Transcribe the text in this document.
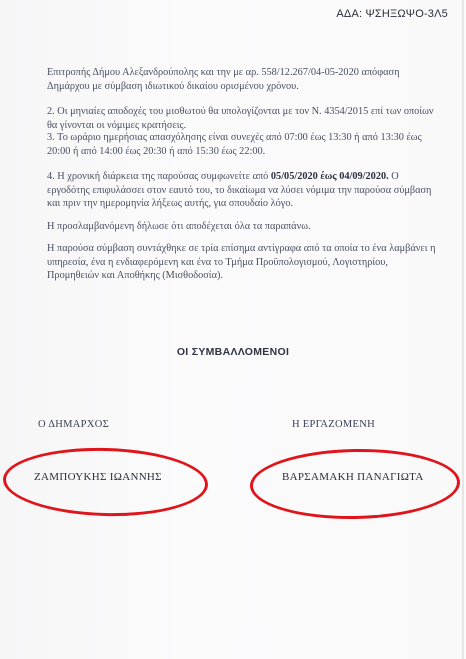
ΑΔΑ: ΨΣΗΞΩΨΟ-3Λ5
Επιτροπής Δήμου Αλεξανδρούπολης και την με αρ. 558/12.267/04-05-2020 απόφαση Δημάρχου με σύμβαση ιδιωτικού δικαίου ορισμένου χρόνου.
2. Οι μηνιαίες αποδοχές του μισθωτού θα υπολογίζονται με τον Ν. 4354/2015 επί των οποίων θα γίνονται οι νόμιμες κρατήσεις.
3. Το ωράριο ημερήσιας απασχόλησης είναι συνεχές από 07:00 έως 13:30 ή από 13:30 έως 20:00 ή από 14:00 έως 20:30 ή από 15:30 έως 22:00.
4. Η χρονική διάρκεια της παρούσας συμφωνείτε από 05/05/2020 έως 04/09/2020. Ο εργοδότης επιφυλάσσει στον εαυτό του, το δικαίωμα να λύσει νόμιμα την παρούσα σύμβαση και πριν την ημερομηνία λήξεως αυτής, για σπουδαίο λόγο.
Η προσλαμβανόμενη δήλωσε ότι αποδέχεται όλα τα παραπάνω.
Η παρούσα σύμβαση συντάχθηκε σε τρία επίσημα αντίγραφα από τα οποία το ένα λαμβάνει η υπηρεσία, ένα η ενδιαφερόμενη και ένα το Τμήμα Προϋπολογισμού, Λογιστηρίου, Προμηθειών και Αποθήκης (Μισθοδοσία).
ΟΙ ΣΥΜΒΑΛΛΟΜΕΝΟΙ
Ο ΔΗΜΑΡΧΟΣ	Η ΕΡΓΑΖΟΜΕΝΗ
ΖΑΜΠΟΥΚΗΣ ΙΩΑΝΝΗΣ	ΒΑΡΣΑΜΑΚΗ ΠΑΝΑΓΙΩΤΑ
